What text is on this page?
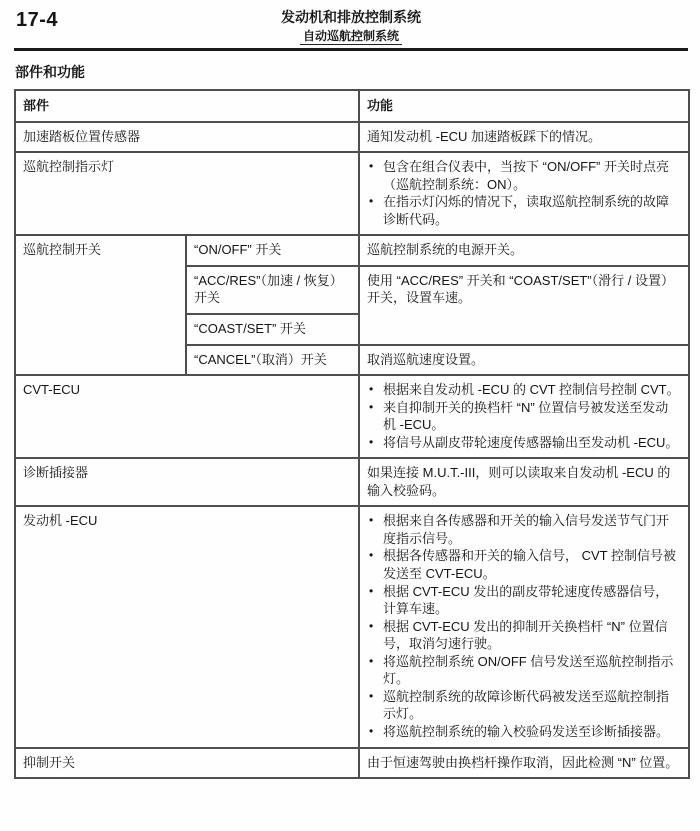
17-4	发动机和排放控制系统
自动巡航控制系统
部件和功能
部件		功能
加速踏板位置传感器		通知发动机 -ECU 加速踏板踩下的情况。
巡航控制指示灯		• 包含在组合仪表中，当按下 “ON/OFF” 开关时点亮 （巡航控制系统：ON）。
• 在指示灯闪烁的情况下，读取巡航控制系统的故障诊断代码。

巡航控制开关	“ON/OFF” 开关	巡航控制系统的电源开关。
	“ACC/RES”（加速 / 恢复）开关	使用 “ACC/RES” 开关和 “COAST/SET”（滑行 / 设置）开关，设置车速。
	“COAST/SET” 开关	
	“CANCEL”（取消）开关	取消巡航速度设置。
CVT-ECU	• 根据来自发动机 -ECU 的 CVT 控制信号控制 CVT。
• 来自抑制开关的换档杆 “N” 位置信号被发送至发动机 -ECU。
• 将信号从副皮带轮速度传感器输出至发动机 -ECU。

诊断插接器		如果连接 M.U.T.-III，则可以读取来自发动机 -ECU 的输入校验码。
发动机 -ECU	• 根据来自各传感器和开关的输入信号发送节气门开度指示信号。
• 根据各传感器和开关的输入信号， CVT 控制信号被发送至 CVT-ECU。
• 根据 CVT-ECU 发出的副皮带轮速度传感器信号，计算车速。
• 根据 CVT-ECU 发出的抑制开关换档杆 “N” 位置信号，取消匀速行驶。
• 将巡航控制系统 ON/OFF 信号发送至巡航控制指示灯。
• 巡航控制系统的故障诊断代码被发送至巡航控制指示灯。
• 将巡航控制系统的输入校验码发送至诊断插接器。

抑制开关		由于恒速驾驶由换档杆操作取消，因此检测 “N” 位置。
